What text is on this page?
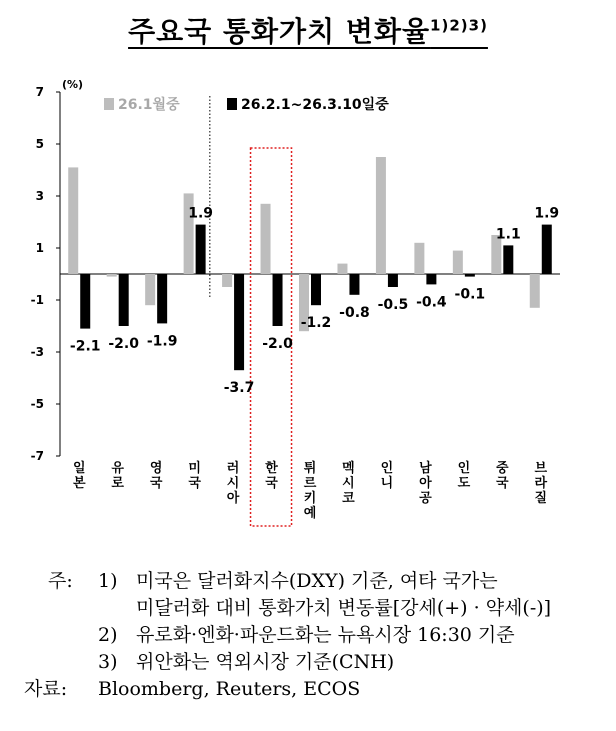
주요국 통화가치 변화율$^{1)2)3)}$
(%)
7
5
3
1
-1
-3
-5
-7
-2.1
일
본
-2.0
유
로
-1.9
영
국
1.9
미
국
-3.7
러
시
아
-2.0
한
국
-1.2
튀
르
키
예
-0.8
멕
시
코
-0.5
인
니
-0.4
남
아
공
-0.1
인
도
1.1
중
국
1.9
브
라
질
26.1월중	26.2.1~26.3.10일중
주: 1) 미국은 달러화지수(DXY) 기준, 여타 국가는

미달러화 대비 통화가치 변동률[강세(+) · 약세(-)]

2) 유로화·엔화·파운드화는 뉴욕시장 16:30 기준

3) 위안화는 역외시장 기준(CNH)

자료: Bloomberg, Reuters, ECOS
